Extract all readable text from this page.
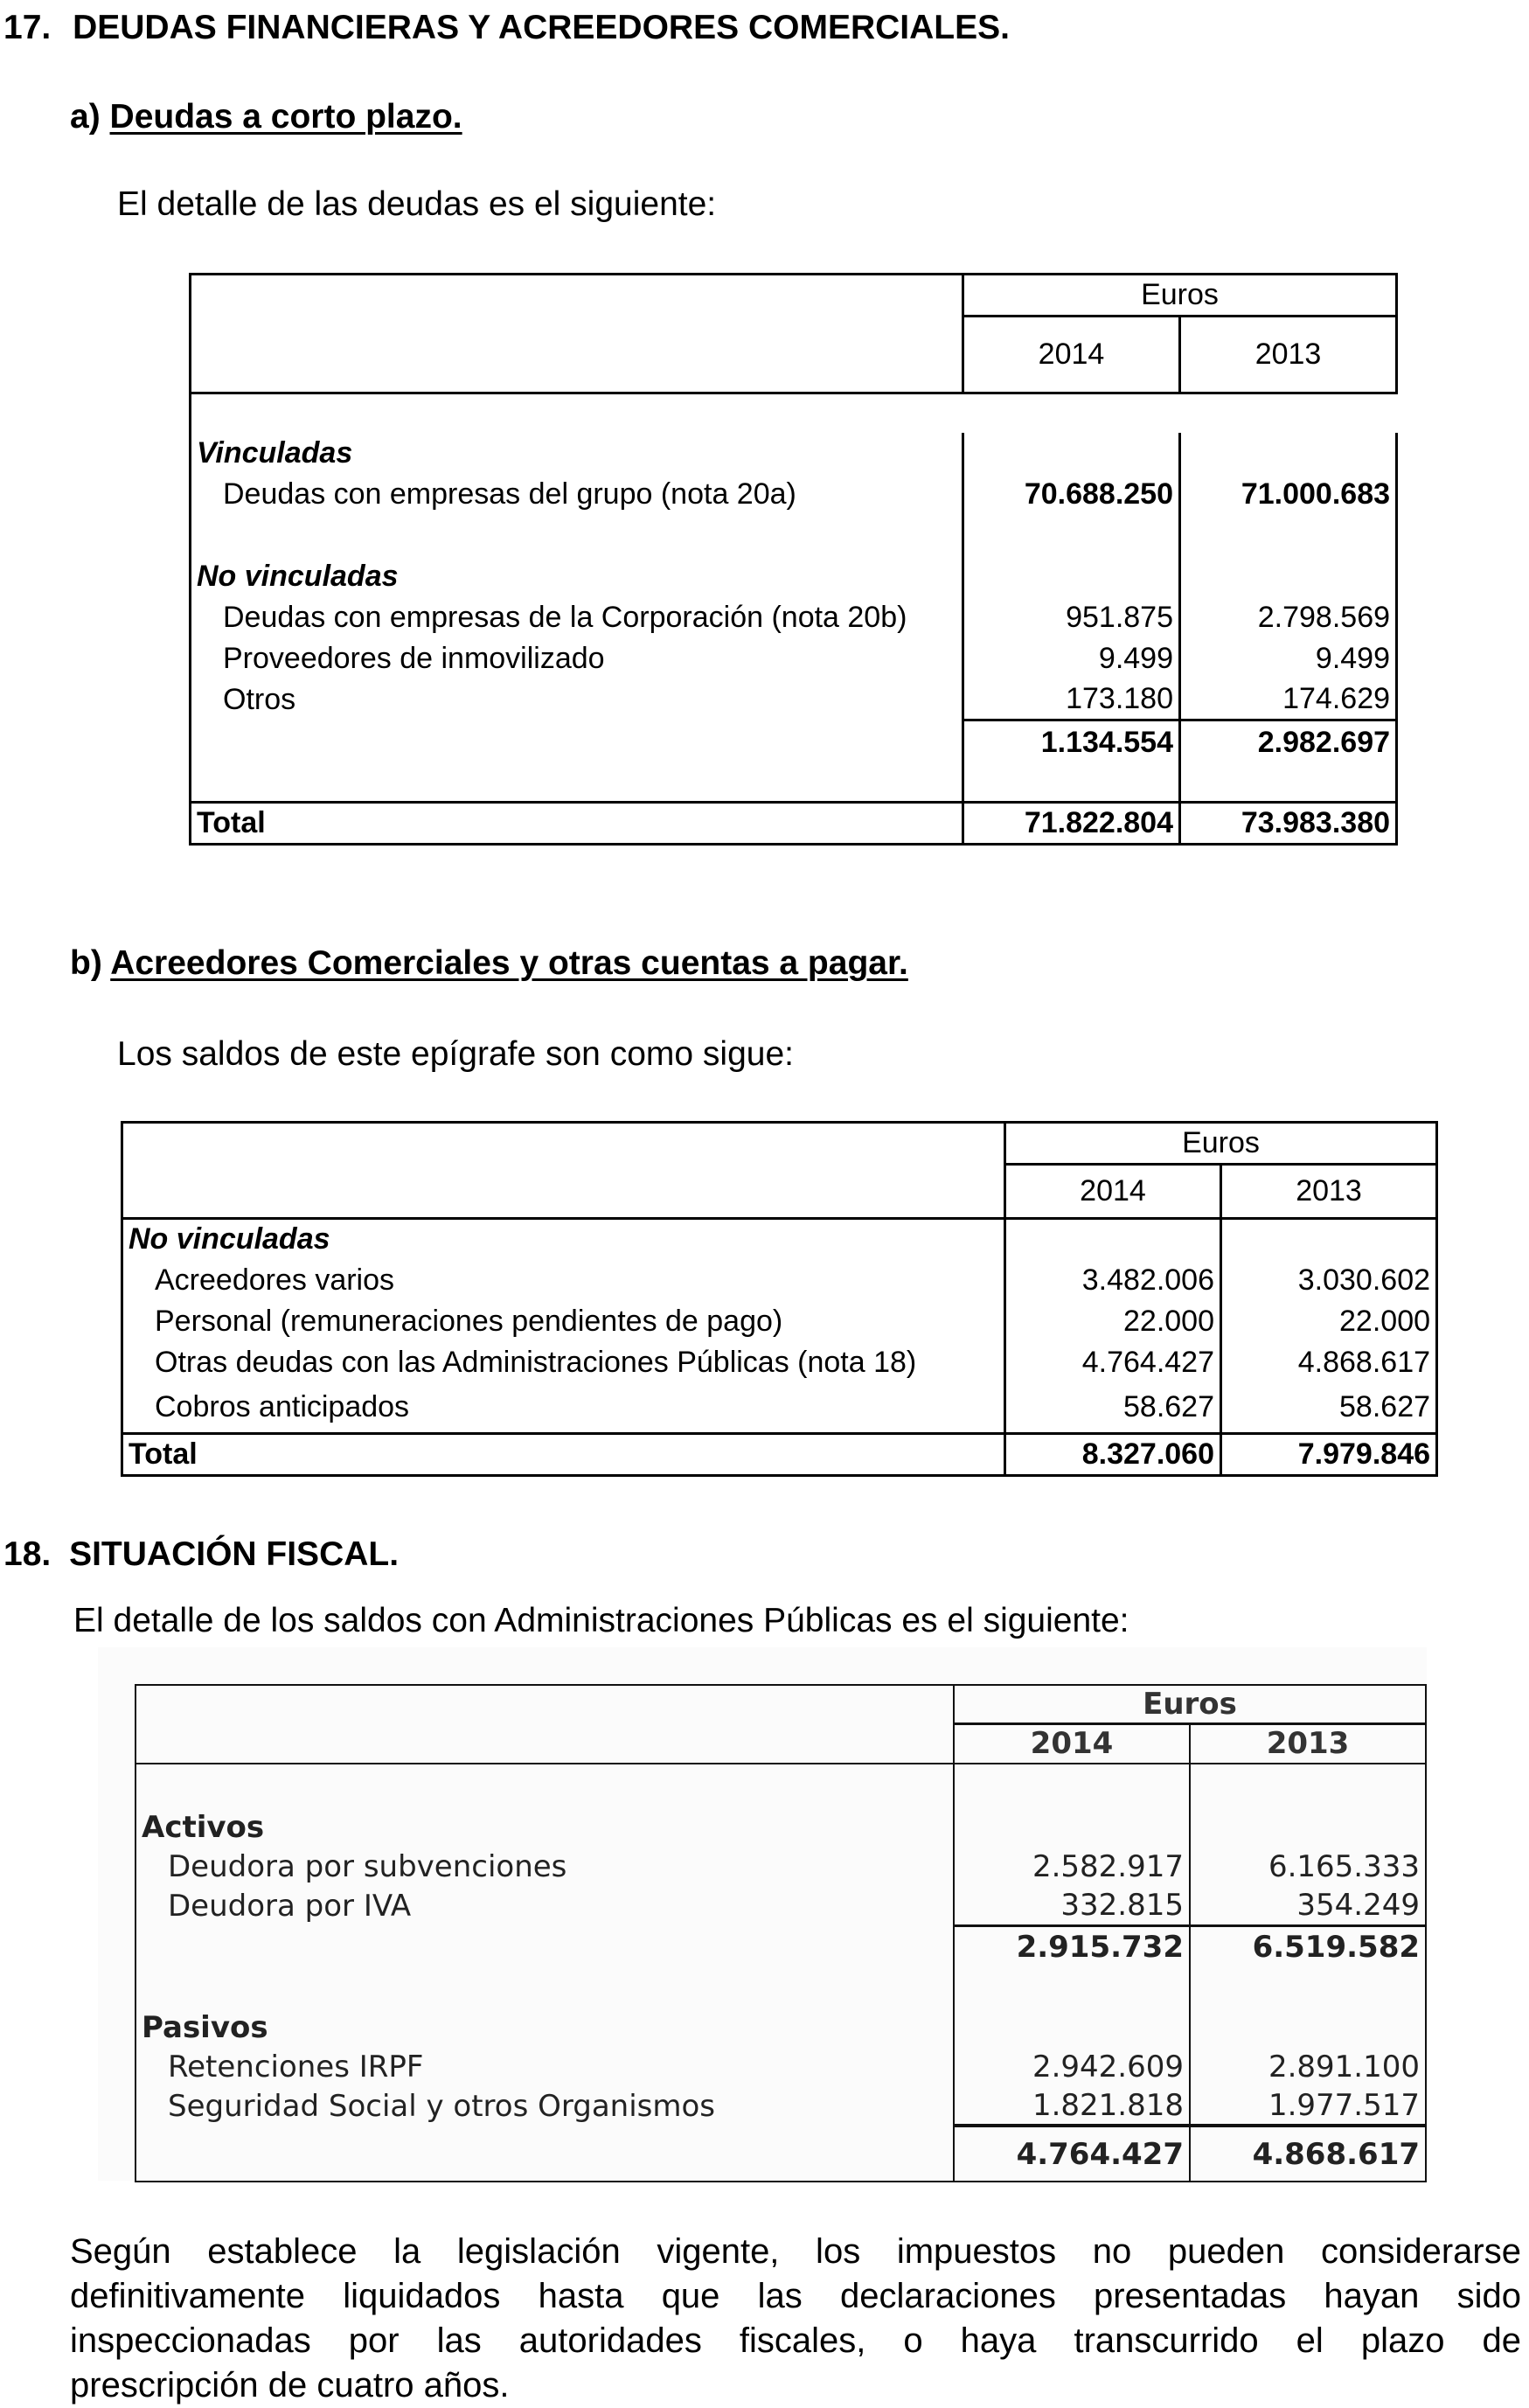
17. DEUDAS FINANCIERAS Y ACREEDORES COMERCIALES.
a) Deudas a corto plazo.
El detalle de las deudas es el siguiente:
	Euros	
	2014	2013

Vinculadas		
Deudas con empresas del grupo (nota 20a)	70.688.250	71.000.683

No vinculadas		
Deudas con empresas de la Corporación (nota 20b)	951.875	2.798.569
Proveedores de inmovilizado	9.499	9.499
Otros	173.180	174.629
	1.134.554	2.982.697

Total	71.822.804	73.983.380
b) Acreedores Comerciales y otras cuentas a pagar.
Los saldos de este epígrafe son como sigue:
	Euros	
	2014	2013
No vinculadas		
Acreedores varios	3.482.006	3.030.602
Personal (remuneraciones pendientes de pago)	22.000	22.000
Otras deudas con las Administraciones Públicas (nota 18)	4.764.427	4.868.617
Cobros anticipados	58.627	58.627
Total	8.327.060	7.979.846
18. SITUACIÓN FISCAL.
El detalle de los saldos con Administraciones Públicas es el siguiente:
	Euros	
	2014	2013

Activos		
Deudora por subvenciones	2.582.917	6.165.333
Deudora por IVA	332.815	354.249
	2.915.732	6.519.582

Pasivos		
Retenciones IRPF	2.942.609	2.891.100
Seguridad Social y otros Organismos	1.821.818	1.977.517
	4.764.427	4.868.617
Según establece la legislación vigente, los impuestos no pueden considerarse
definitivamente liquidados hasta que las declaraciones presentadas hayan sido
inspeccionadas por las autoridades fiscales, o haya transcurrido el plazo de
prescripción de cuatro años.
